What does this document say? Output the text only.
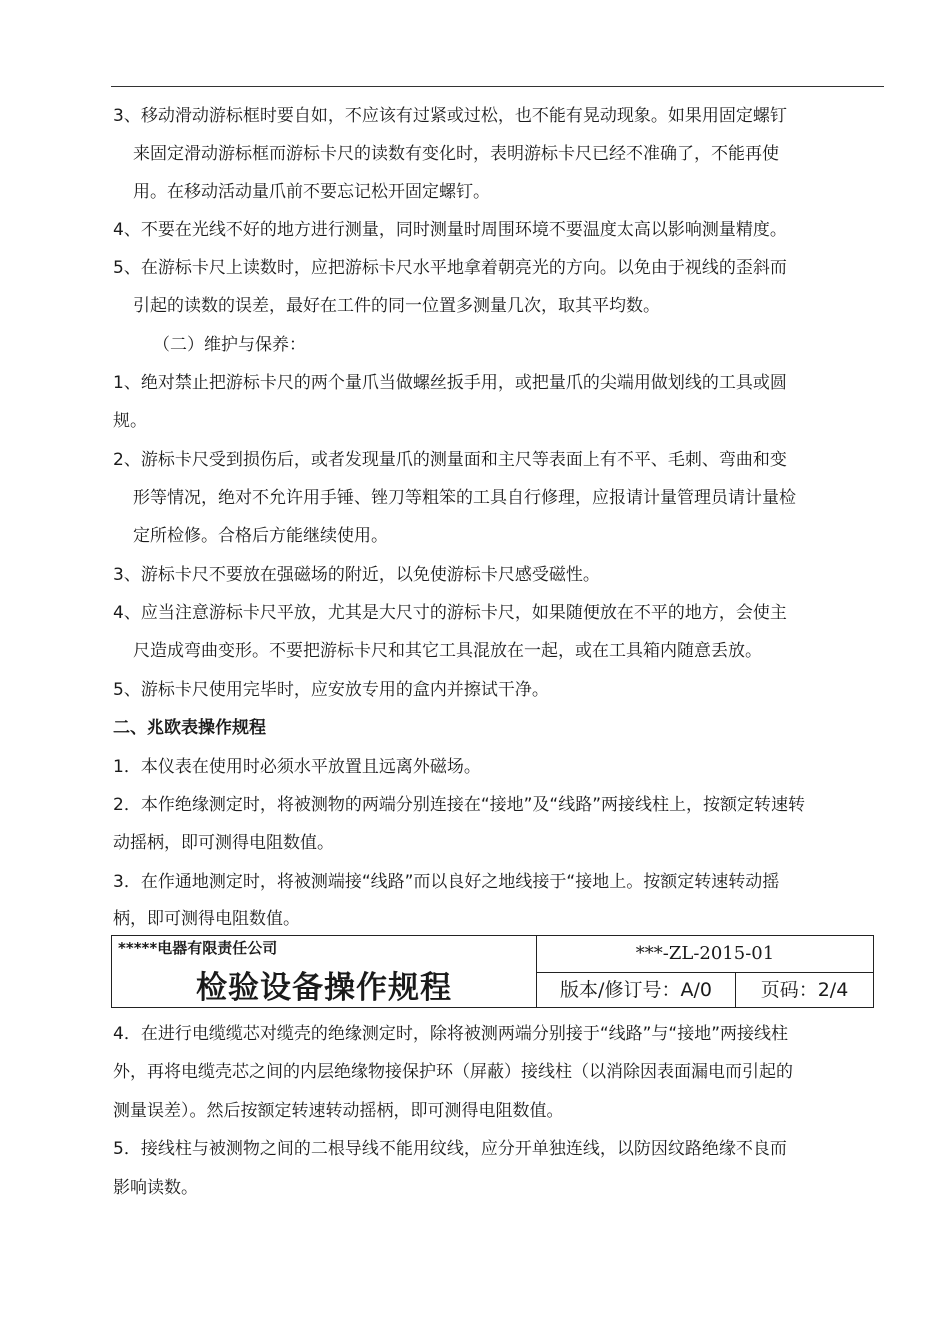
3、移动滑动游标框时要自如，不应该有过紧或过松，也不能有晃动现象。如果用固定螺钉
来固定滑动游标框而游标卡尺的读数有变化时，表明游标卡尺已经不准确了，不能再使
用。在移动活动量爪前不要忘记松开固定螺钉。
4、不要在光线不好的地方进行测量，同时测量时周围环境不要温度太高以影响测量精度。
5、在游标卡尺上读数时，应把游标卡尺水平地拿着朝亮光的方向。以免由于视线的歪斜而
引起的读数的误差，最好在工件的同一位置多测量几次，取其平均数。
（二）维护与保养：
1、绝对禁止把游标卡尺的两个量爪当做螺丝扳手用，或把量爪的尖端用做划线的工具或圆
规。
2、游标卡尺受到损伤后，或者发现量爪的测量面和主尺等表面上有不平、毛刺、弯曲和变
形等情况，绝对不允许用手锤、锉刀等粗笨的工具自行修理，应报请计量管理员请计量检
定所检修。合格后方能继续使用。
3、游标卡尺不要放在强磁场的附近，以免使游标卡尺感受磁性。
4、应当注意游标卡尺平放，尤其是大尺寸的游标卡尺，如果随便放在不平的地方，会使主
尺造成弯曲变形。不要把游标卡尺和其它工具混放在一起，或在工具箱内随意丢放。
5、游标卡尺使用完毕时，应安放专用的盒内并擦试干净。
二、兆欧表操作规程
1．本仪表在使用时必须水平放置且远离外磁场。
2．本作绝缘测定时，将被测物的两端分别连接在“接地”及“线路”两接线柱上，按额定转速转
动摇柄，即可测得电阻数值。
3．在作通地测定时，将被测端接“线路”而以良好之地线接于“接地上。按额定转速转动摇
柄，即可测得电阻数值。
4．在进行电缆缆芯对缆壳的绝缘测定时，除将被测两端分别接于“线路”与“接地”两接线柱
外，再将电缆壳芯之间的内层绝缘物接保护环（屏蔽）接线柱（以消除因表面漏电而引起的
测量误差）。然后按额定转速转动摇柄，即可测得电阻数值。
5．接线柱与被测物之间的二根导线不能用纹线，应分开单独连线，以防因纹路绝缘不良而
影响读数。
*****电器有限责任公司
检验设备操作规程
***-ZL-2015-01
版本/修订号：A/0	页码：2/4
